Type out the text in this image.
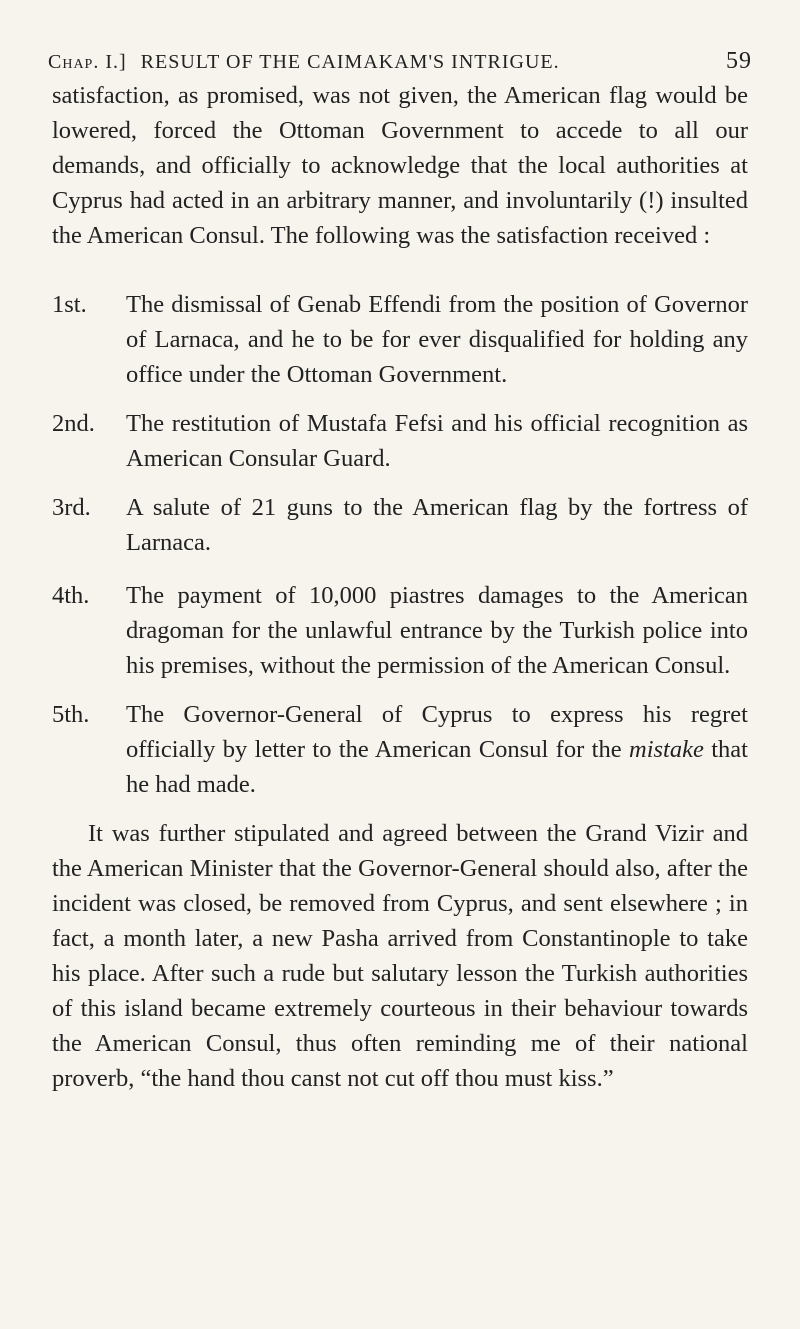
Chap. I.] RESULT OF THE CAIMAKAM'S INTRIGUE.	59

satisfaction, as promised, was not given, the American flag would be lowered, forced the Ottoman Government to accede to all our demands, and officially to acknowledge that the local authorities at Cyprus had acted in an arbitrary manner, and involuntarily (!) insulted the American Consul. The following was the satisfaction received :

1st.	The dismissal of Genab Effendi from the position of Governor of Larnaca, and he to be for ever disqualified for holding any office under the Ottoman Government.
2nd.	The restitution of Mustafa Fefsi and his official recognition as American Consular Guard.
3rd.	A salute of 21 guns to the American flag by the fortress of Larnaca.
4th.	The payment of 10,000 piastres damages to the American dragoman for the unlawful entrance by the Turkish police into his premises, without the permission of the American Consul.
5th.	The Governor-General of Cyprus to express his regret officially by letter to the American Consul for the mistake that he had made.

It was further stipulated and agreed between the Grand Vizir and the American Minister that the Governor-General should also, after the incident was closed, be removed from Cyprus, and sent elsewhere ; in fact, a month later, a new Pasha arrived from Constantinople to take his place. After such a rude but salutary lesson the Turkish authorities of this island became extremely courteous in their behaviour towards the American Consul, thus often reminding me of their national proverb, “the hand thou canst not cut off thou must kiss.”
